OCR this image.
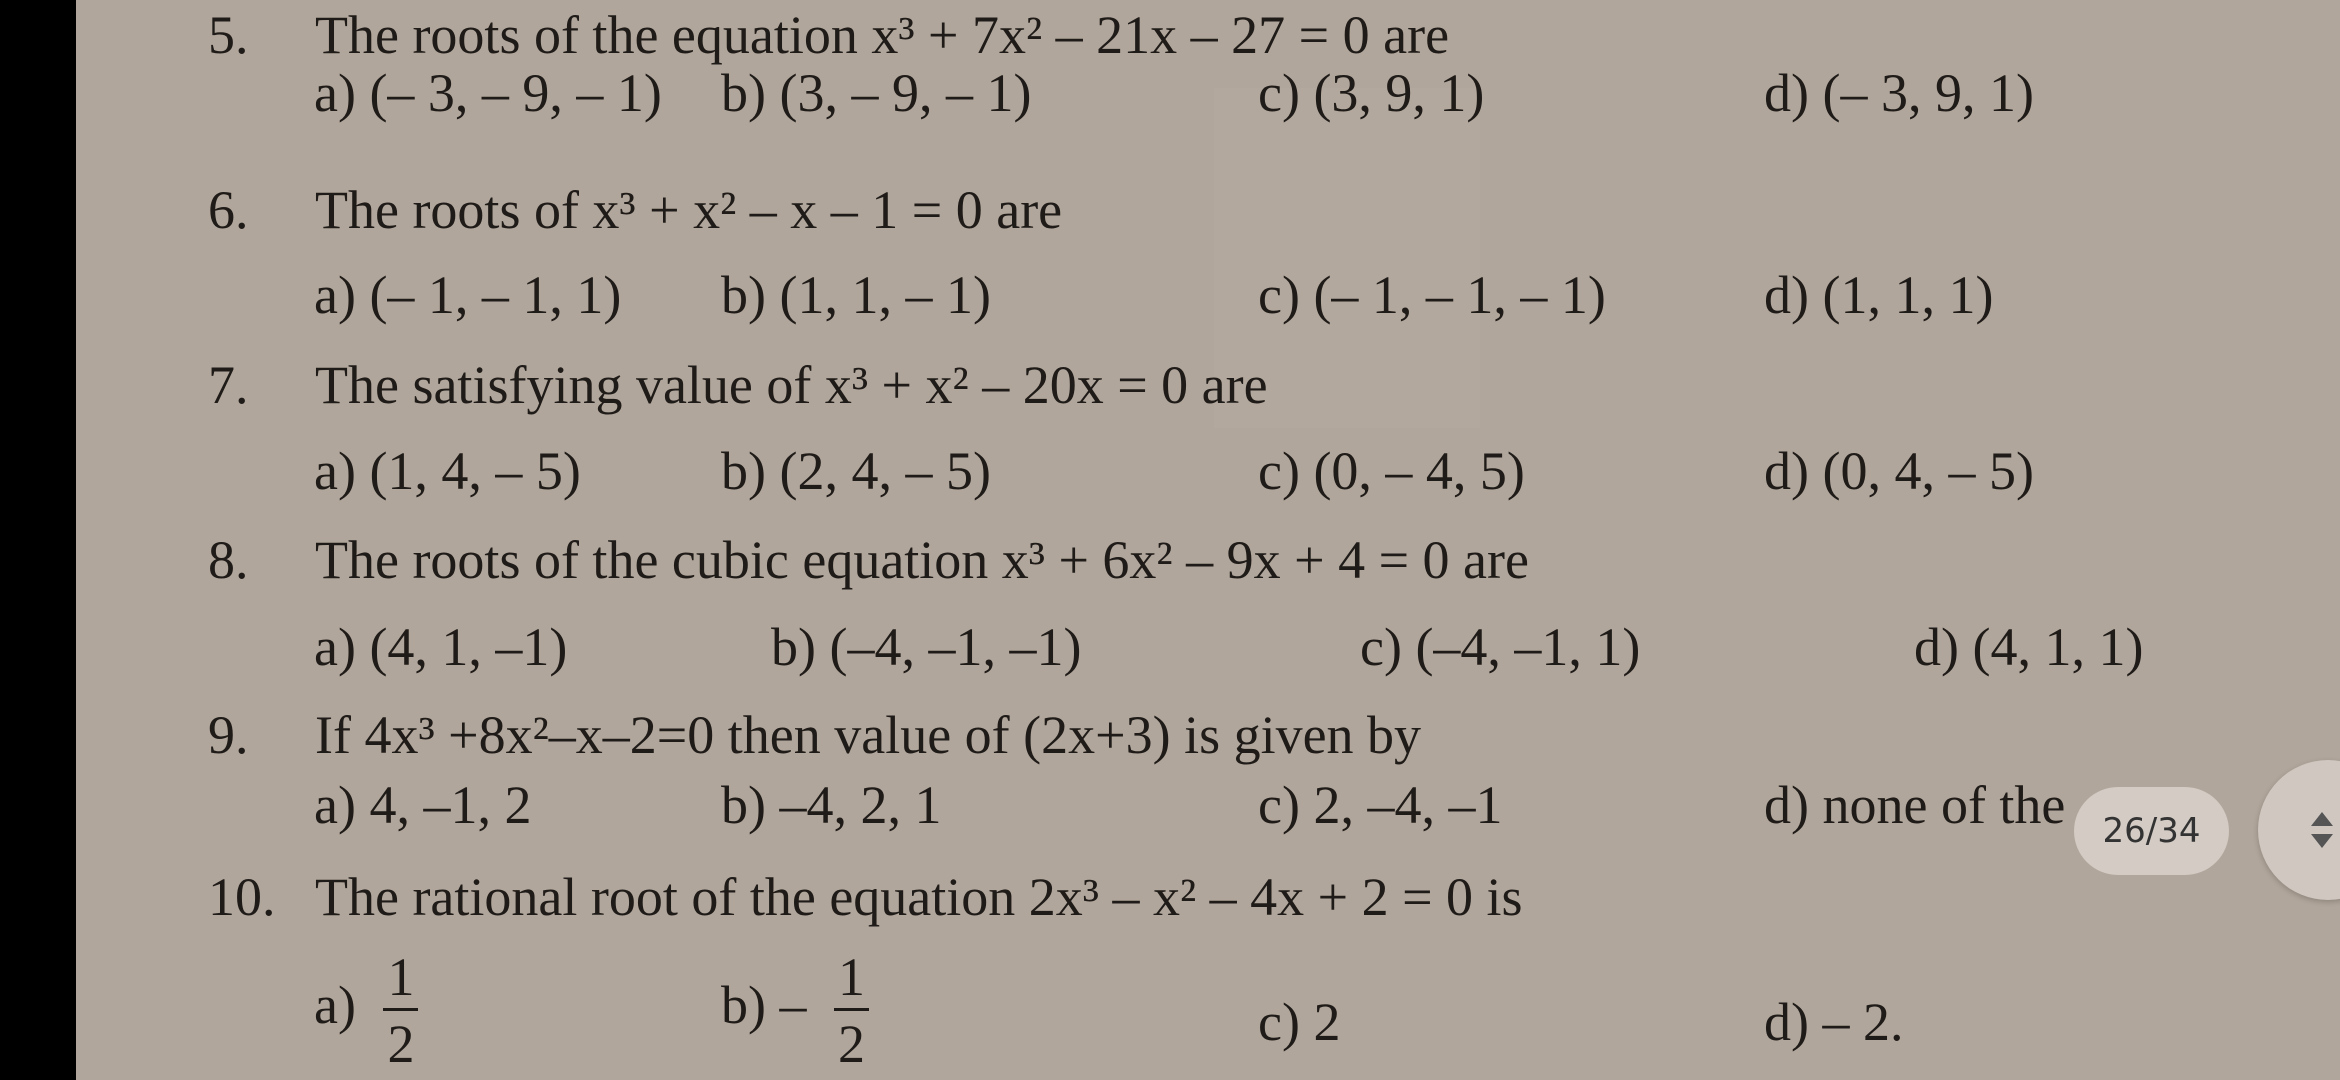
5. The roots of the equation x³ + 7x² – 21x – 27 = 0 are
a) (– 3, – 9, – 1) b) (3, – 9, – 1)	c) (3, 9, 1)	d) (– 3, 9, 1)
6. The roots of x³ + x² – x – 1 = 0 are
a) (– 1, – 1, 1) b) (1, 1, – 1)	c) (– 1, – 1, – 1)	d) (1, 1, 1)
7. The satisfying value of x³ + x² – 20x = 0 are
a) (1, 4, – 5)	b) (2, 4, – 5)	c) (0, – 4, 5)	d) (0, 4, – 5)
8. The roots of the cubic equation x³ + 6x² – 9x + 4 = 0 are
a) (4, 1, –1)	b) (–4, –1, –1)	c) (–4, –1, 1)	d) (4, 1, 1)
9. If 4x³ +8x²–x–2=0 then value of (2x+3) is given by
a) 4, –1, 2	b) –4, 2, 1	c) 2, –4, –1	d) none of the
10. The rational root of the equation 2x³ – x² – 4x + 2 = 0 is
$a) \frac{1}{2}$	$b) - \frac{1}{2}$	c) 2	d) – 2.
26/34
